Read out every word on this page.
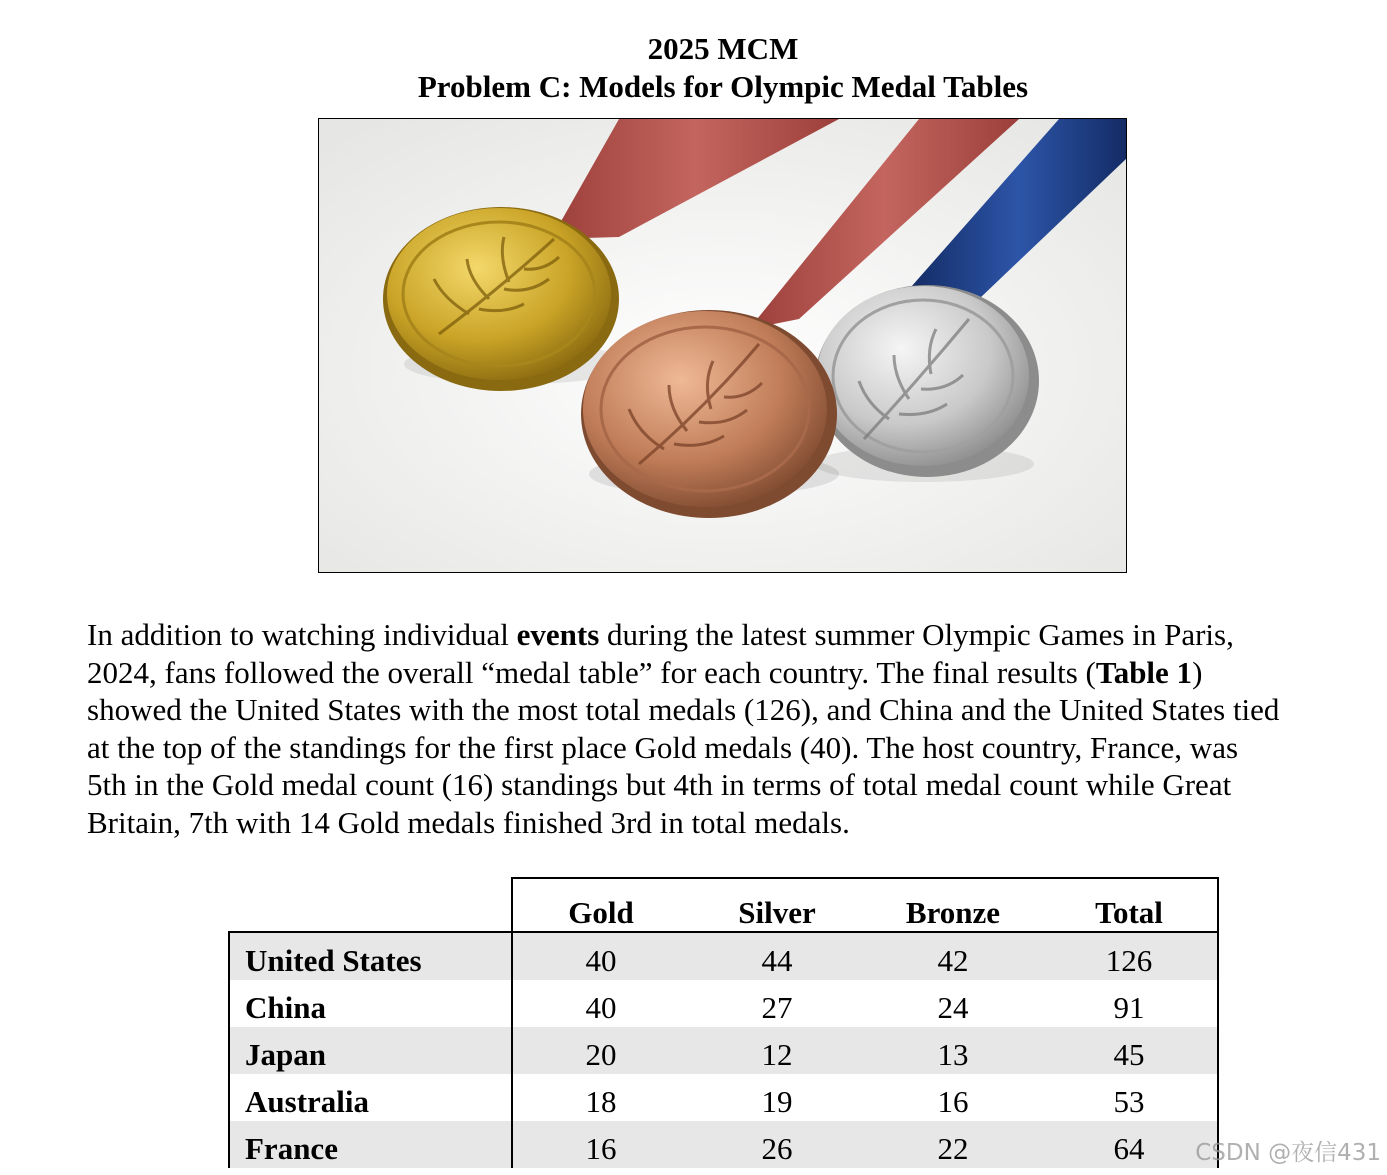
2025 MCM
Problem C: Models for Olympic Medal Tables
In addition to watching individual events during the latest summer Olympic Games in Paris,
2024, fans followed the overall “medal table” for each country. The final results (Table 1)
showed the United States with the most total medals (126), and China and the United States tied
at the top of the standings for the first place Gold medals (40). The host country, France, was
5th in the Gold medal count (16) standings but 4th in terms of total medal count while Great
Britain, 7th with 14 Gold medals finished 3rd in total medals.
	Gold	Silver	Bronze	Total
United States	40	44	42	126
China	40	27	24	91
Japan	20	12	13	45
Australia	18	19	16	53
France	16	26	22	64 CSDN @夜信431
